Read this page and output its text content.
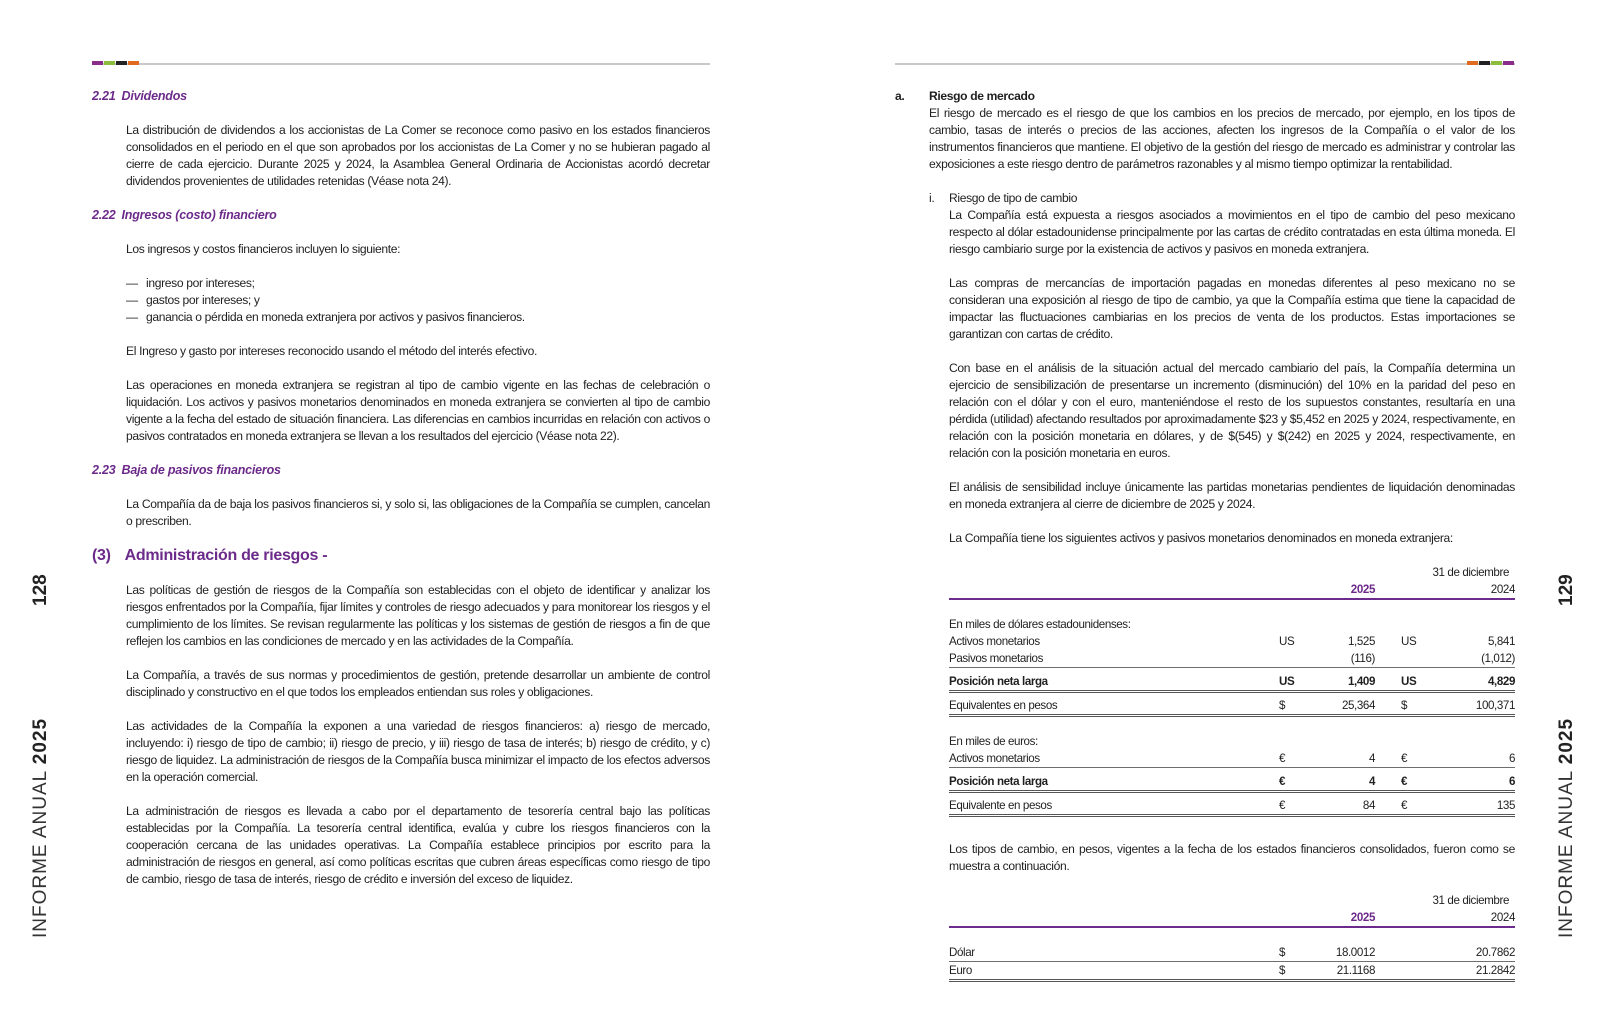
128
INFORME ANUAL 2025
129
INFORME ANUAL 2025
2.21 Dividendos

La distribución de dividendos a los accionistas de La Comer se reconoce como pasivo en los estados financieros consolidados en el periodo en el que son aprobados por los accionistas de La Comer y no se hubieran pagado al cierre de cada ejercicio. Durante 2025 y 2024, la Asamblea General Ordinaria de Accionistas acordó decretar dividendos provenientes de utilidades retenidas (Véase nota 24).

2.22 Ingresos (costo) financiero

Los ingresos y costos financieros incluyen lo siguiente:

— ingreso por intereses;
— gastos por intereses; y
— ganancia o pérdida en moneda extranjera por activos y pasivos financieros.

El Ingreso y gasto por intereses reconocido usando el método del interés efectivo.

Las operaciones en moneda extranjera se registran al tipo de cambio vigente en las fechas de celebración o liquidación. Los activos y pasivos monetarios denominados en moneda extranjera se convierten al tipo de cambio vigente a la fecha del estado de situación financiera. Las diferencias en cambios incurridas en relación con activos o pasivos contratados en moneda extranjera se llevan a los resultados del ejercicio (Véase nota 22).

2.23 Baja de pasivos financieros

La Compañía da de baja los pasivos financieros si, y solo si, las obligaciones de la Compañía se cumplen, cancelan o prescriben.

(3) Administración de riesgos -

Las políticas de gestión de riesgos de la Compañía son establecidas con el objeto de identificar y analizar los riesgos enfrentados por la Compañía, fijar límites y controles de riesgo adecuados y para monitorear los riesgos y el cumplimiento de los límites. Se revisan regularmente las políticas y los sistemas de gestión de riesgos a fin de que reflejen los cambios en las condiciones de mercado y en las actividades de la Compañía.

La Compañía, a través de sus normas y procedimientos de gestión, pretende desarrollar un ambiente de control disciplinado y constructivo en el que todos los empleados entiendan sus roles y obligaciones.

Las actividades de la Compañía la exponen a una variedad de riesgos financieros: a) riesgo de mercado, incluyendo: i) riesgo de tipo de cambio; ii) riesgo de precio, y iii) riesgo de tasa de interés; b) riesgo de crédito, y c) riesgo de liquidez. La administración de riesgos de la Compañía busca minimizar el impacto de los efectos adversos en la operación comercial.

La administración de riesgos es llevada a cabo por el departamento de tesorería central bajo las políticas establecidas por la Compañía. La tesorería central identifica, evalúa y cubre los riesgos financieros con la cooperación cercana de las unidades operativas. La Compañía establece principios por escrito para la administración de riesgos en general, así como políticas escritas que cubren áreas específicas como riesgo de tipo de cambio, riesgo de tasa de interés, riesgo de crédito e inversión del exceso de liquidez.

a.	Riesgo de mercado

El riesgo de mercado es el riesgo de que los cambios en los precios de mercado, por ejemplo, en los tipos de cambio, tasas de interés o precios de las acciones, afecten los ingresos de la Compañía o el valor de los instrumentos financieros que mantiene. El objetivo de la gestión del riesgo de mercado es administrar y controlar las exposiciones a este riesgo dentro de parámetros razonables y al mismo tiempo optimizar la rentabilidad.

i.	Riesgo de tipo de cambio

La Compañía está expuesta a riesgos asociados a movimientos en el tipo de cambio del peso mexicano respecto al dólar estadounidense principalmente por las cartas de crédito contratadas en esta última moneda. El riesgo cambiario surge por la existencia de activos y pasivos en moneda extranjera.

Las compras de mercancías de importación pagadas en monedas diferentes al peso mexicano no se consideran una exposición al riesgo de tipo de cambio, ya que la Compañía estima que tiene la capacidad de impactar las fluctuaciones cambiarias en los precios de venta de los productos. Estas importaciones se garantizan con cartas de crédito.

Con base en el análisis de la situación actual del mercado cambiario del país, la Compañía determina un ejercicio de sensibilización de presentarse un incremento (disminución) del 10% en la paridad del peso en relación con el dólar y con el euro, manteniéndose el resto de los supuestos constantes, resultaría en una pérdida (utilidad) afectando resultados por aproximadamente $23 y $5,452 en 2025 y 2024, respectivamente, en relación con la posición monetaria en dólares, y de $(545) y $(242) en 2025 y 2024, respectivamente, en relación con la posición monetaria en euros.

El análisis de sensibilidad incluye únicamente las partidas monetarias pendientes de liquidación denominadas en moneda extranjera al cierre de diciembre de 2025 y 2024.

La Compañía tiene los siguientes activos y pasivos monetarios denominados en moneda extranjera:

			31 de diciembre	
		2025		2024

En miles de dólares estadounidenses:				
Activos monetarios	US	1,525	US	5,841
Pasivos monetarios		(116)		(1,012)
Posición neta larga	US	1,409	US	4,829
Equivalentes en pesos	$	25,364	$	100,371

En miles de euros:				
Activos monetarios	€	4	€	6
Posición neta larga	€	4	€	6
Equivalente en pesos	€	84	€	135

Los tipos de cambio, en pesos, vigentes a la fecha de los estados financieros consolidados, fueron como se muestra a continuación.

			31 de diciembre	
		2025		2024

Dólar	$	18.0012		20.7862
Euro	$	21.1168		21.2842
